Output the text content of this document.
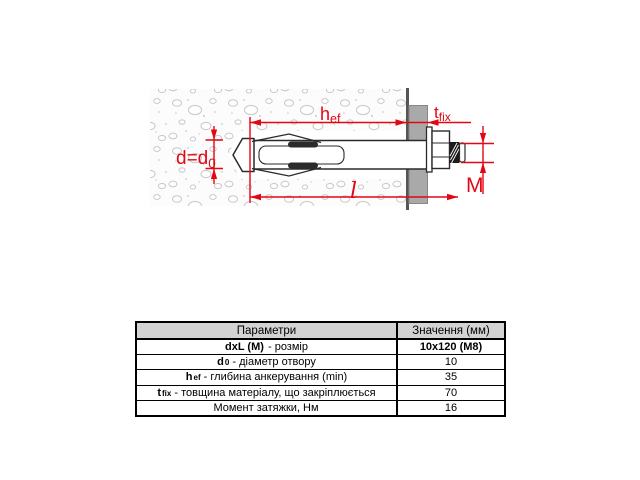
hef	tfix
$d=d_0$
l	M
Параметри	Значення (мм)
dxL (M) - розмір	10x120 (M8)
d0 - діаметр отвору	10
hef - глибина анкерування (min)	35
tfix - товщина матеріалу, що закріплюється	70
Момент затяжки, Нм	16
